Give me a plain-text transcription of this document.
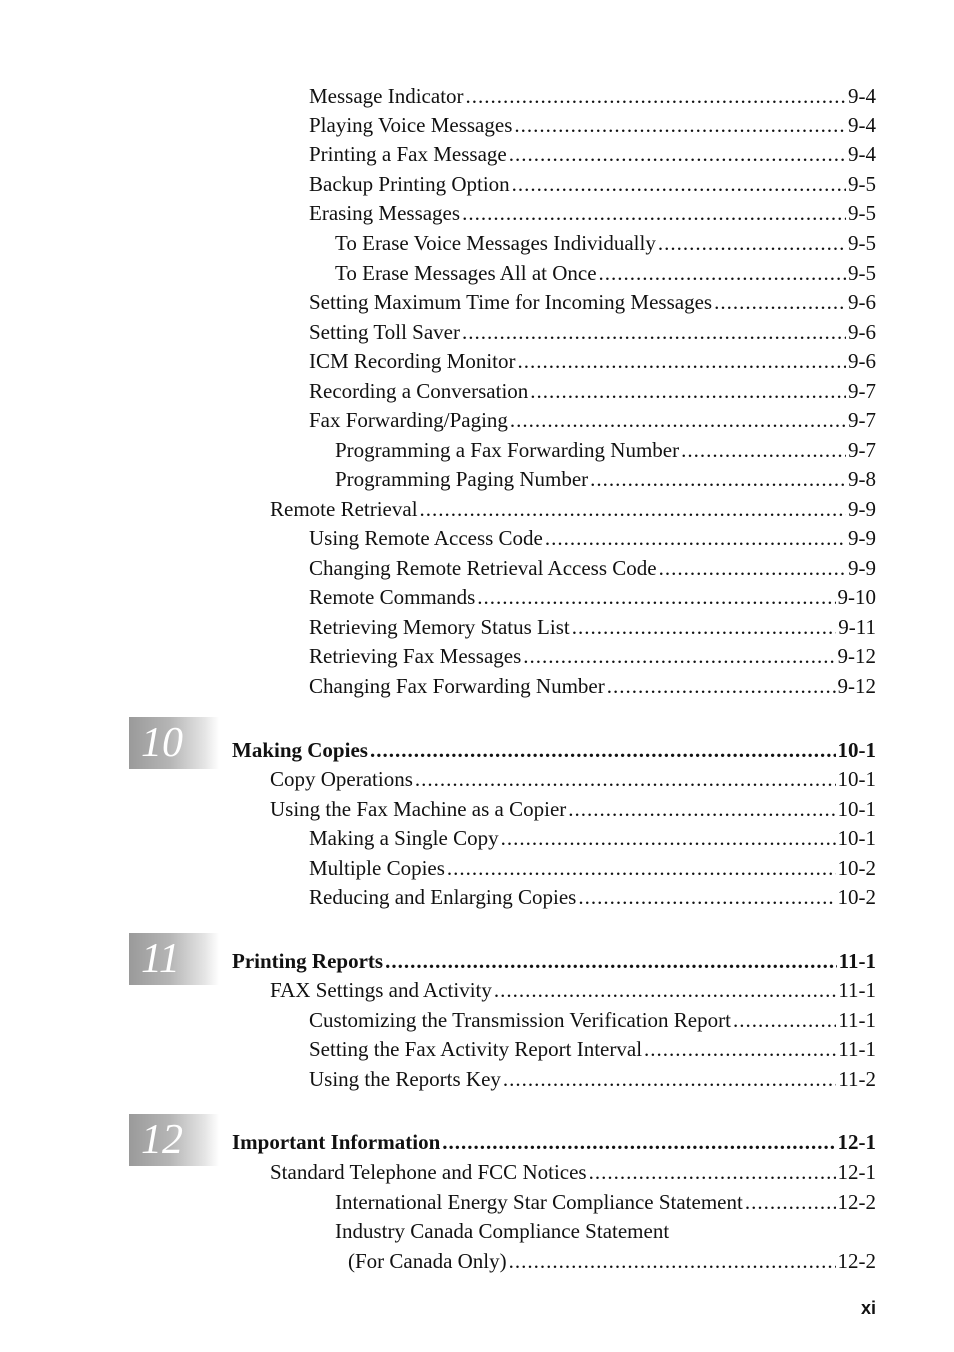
Message Indicator .....	9-4
Playing Voice Messages .....	9-4
Printing a Fax Message .....	9-4
Backup Printing Option .....	9-5
Erasing Messages .....	9-5
To Erase Voice Messages Individually .....	9-5
To Erase Messages All at Once .....	9-5
Setting Maximum Time for Incoming Messages .....	9-6
Setting Toll Saver .....	9-6
ICM Recording Monitor .....	9-6
Recording a Conversation .....	9-7
Fax Forwarding/Paging .....	9-7
Programming a Fax Forwarding Number .....	9-7
Programming Paging Number .....	9-8
Remote Retrieval .....	9-9
Using Remote Access Code .....	9-9
Changing Remote Retrieval Access Code .....	9-9
Remote Commands .....	9-10
Retrieving Memory Status List .....	9-11
Retrieving Fax Messages .....	9-12
Changing Fax Forwarding Number .....	9-12
10 Making Copies .....	10-1
Copy Operations .....	10-1
Using the Fax Machine as a Copier .....	10-1
Making a Single Copy .....	10-1
Multiple Copies .....	10-2
Reducing and Enlarging Copies .....	10-2
11 Printing Reports .....	11-1
FAX Settings and Activity .....	11-1
Customizing the Transmission Verification Report .....	11-1
Setting the Fax Activity Report Interval .....	11-1
Using the Reports Key .....	11-2
12 Important Information .....	12-1
Standard Telephone and FCC Notices .....	12-1
International Energy Star Compliance Statement .....	12-2
Industry Canada Compliance Statement
(For Canada Only) .....	12-2
xi
